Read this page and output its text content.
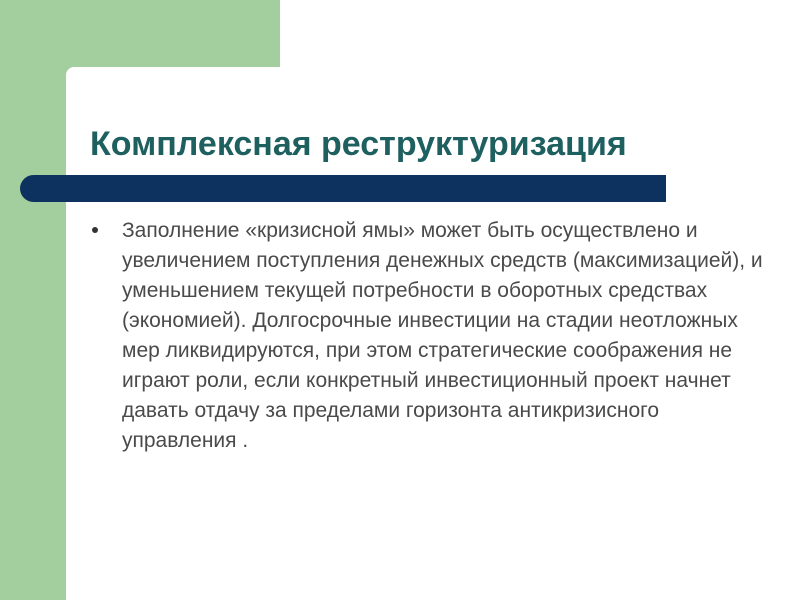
Комплексная реструктуризация
Заполнение «кризисной ямы» может быть осуществлено и увеличением поступления денежных средств (максимизацией), и уменьшением текущей потребности в оборотных средствах (экономией). Долгосрочные инвестиции на стадии неотложных мер ликвидируются, при этом стратегические соображения не играют роли, если конкретный инвестиционный проект начнет давать отдачу за пределами горизонта антикризисного управления .
